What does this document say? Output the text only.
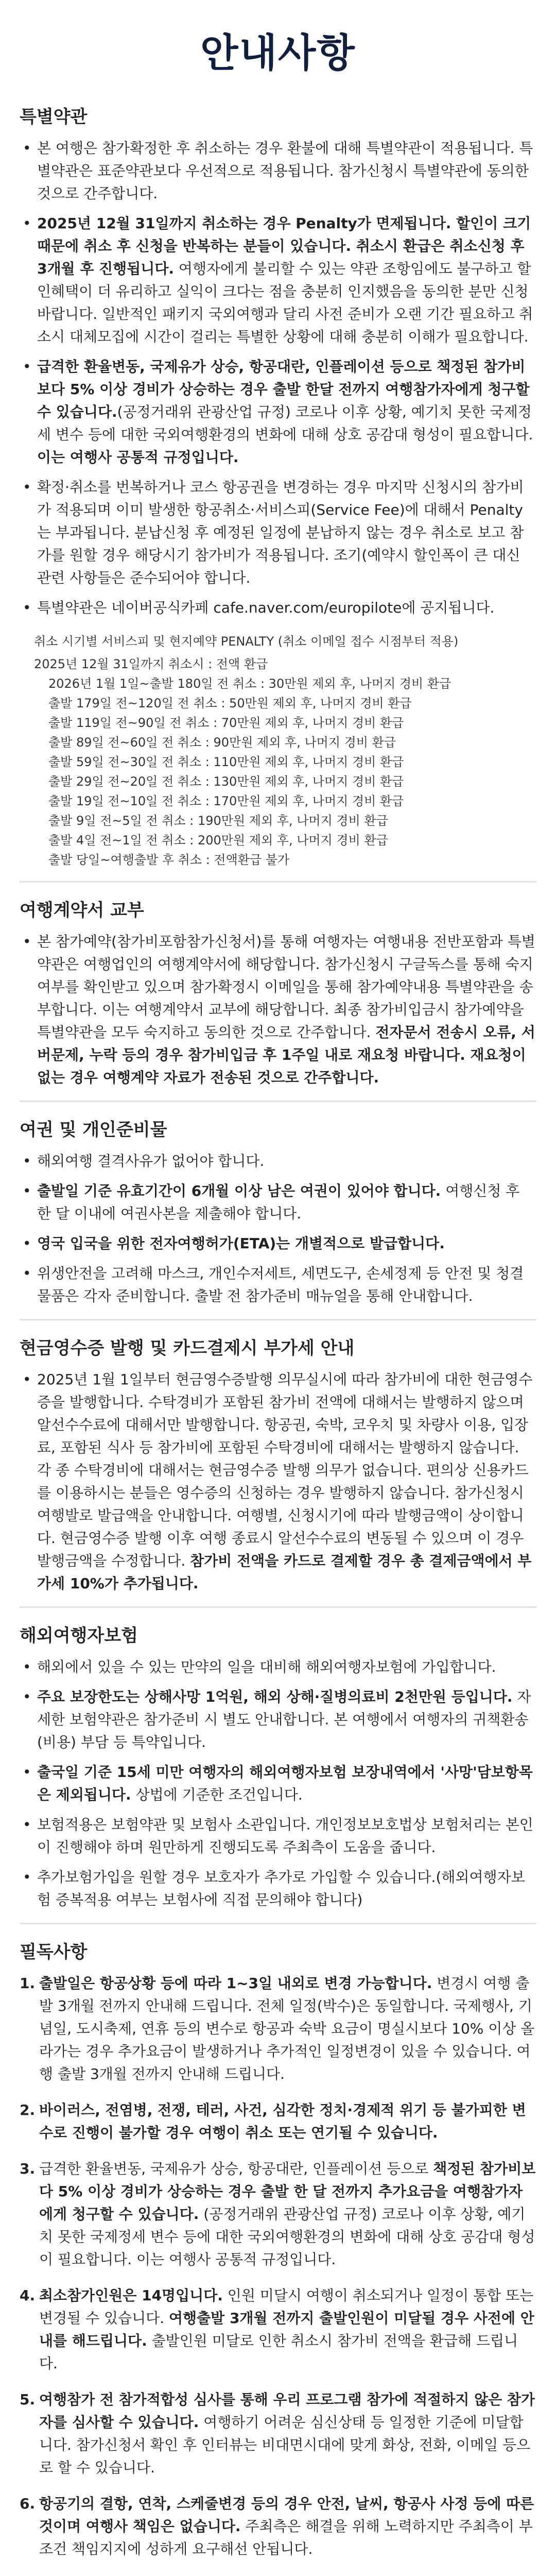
안내사항
특별약관
• 본 여행은 참가확정한 후 취소하는 경우 환불에 대해 특별약관이 적용됩니다. 특별약관은 표준약관보다 우선적으로 적용됩니다. 참가신청시 특별약관에 동의한 것으로 간주합니다.
• 2025년 12월 31일까지 취소하는 경우 Penalty가 면제됩니다. 할인이 크기 때문에 취소 후 신청을 반복하는 분들이 있습니다. 취소시 환급은 취소신청 후 3개월 후 진행됩니다. 여행자에게 불리할 수 있는 약관 조항임에도 불구하고 할인혜택이 더 유리하고 실익이 크다는 점을 충분히 인지했음을 동의한 분만 신청바랍니다. 일반적인 패키지 국외여행과 달리 사전 준비가 오랜 기간 필요하고 취소시 대체모집에 시간이 걸리는 특별한 상황에 대해 충분히 이해가 필요합니다.
• 급격한 환율변동, 국제유가 상승, 항공대란, 인플레이션 등으로 책정된 참가비보다 5% 이상 경비가 상승하는 경우 출발 한달 전까지 여행참가자에게 청구할 수 있습니다.(공정거래위 관광산업 규정) 코로나 이후 상황, 예기치 못한 국제정세 변수 등에 대한 국외여행환경의 변화에 대해 상호 공감대 형성이 필요합니다. 이는 여행사 공통적 규정입니다.
• 확정·취소를 번복하거나 코스 항공권을 변경하는 경우 마지막 신청시의 참가비가 적용되며 이미 발생한 항공취소·서비스피(Service Fee)에 대해서 Penalty는 부과됩니다. 분납신청 후 예정된 일정에 분납하지 않는 경우 취소로 보고 참가를 원할 경우 해당시기 참가비가 적용됩니다. 조기(예약시 할인폭이 큰 대신 관련 사항들은 준수되어야 합니다.
• 특별약관은 네이버공식카페 cafe.naver.com/europilote에 공지됩니다.
취소 시기별 서비스피 및 현지예약 PENALTY (취소 이메일 접수 시점부터 적용)
2025년 12월 31일까지 취소시 : 전액 환급
2026년 1월 1일~출발 180일 전 취소 : 30만원 제외 후, 나머지 경비 환급
출발 179일 전~120일 전 취소 : 50만원 제외 후, 나머지 경비 환급
출발 119일 전~90일 전 취소 : 70만원 제외 후, 나머지 경비 환급
출발 89일 전~60일 전 취소 : 90만원 제외 후, 나머지 경비 환급
출발 59일 전~30일 전 취소 : 110만원 제외 후, 나머지 경비 환급
출발 29일 전~20일 전 취소 : 130만원 제외 후, 나머지 경비 환급
출발 19일 전~10일 전 취소 : 170만원 제외 후, 나머지 경비 환급
출발 9일 전~5일 전 취소 : 190만원 제외 후, 나머지 경비 환급
출발 4일 전~1일 전 취소 : 200만원 제외 후, 나머지 경비 환급
출발 당일~여행출발 후 취소 : 전액환급 불가
여행계약서 교부
• 본 참가예약(참가비포함참가신청서)를 통해 여행자는 여행내용 전반포함과 특별약관은 여행업인의 여행계약서에 해당합니다. 참가신청시 구글독스를 통해 숙지여부를 확인받고 있으며 참가확정시 이메일을 통해 참가예약내용 특별약관을 송부합니다. 이는 여행계약서 교부에 해당합니다. 최종 참가비입금시 참가예약을 특별약관을 모두 숙지하고 동의한 것으로 간주합니다. 전자문서 전송시 오류, 서버문제, 누락 등의 경우 참가비입금 후 1주일 내로 재요청 바랍니다. 재요청이 없는 경우 여행계약 자료가 전송된 것으로 간주합니다.
여권 및 개인준비물
• 해외여행 결격사유가 없어야 합니다.
• 출발일 기준 유효기간이 6개월 이상 남은 여권이 있어야 합니다. 여행신청 후 한 달 이내에 여권사본을 제출해야 합니다.
• 영국 입국을 위한 전자여행허가(ETA)는 개별적으로 발급합니다.
• 위생안전을 고려해 마스크, 개인수저세트, 세면도구, 손세정제 등 안전 및 청결물품은 각자 준비합니다. 출발 전 참가준비 매뉴얼을 통해 안내합니다.
현금영수증 발행 및 카드결제시 부가세 안내
• 2025년 1월 1일부터 현금영수증발행 의무실시에 따라 참가비에 대한 현금영수증을 발행합니다. 수탁경비가 포함된 참가비 전액에 대해서는 발행하지 않으며 알선수수료에 대해서만 발행합니다. 항공권, 숙박, 코우치 및 차량사 이용, 입장료, 포함된 식사 등 참가비에 포함된 수탁경비에 대해서는 발행하지 않습니다. 각 종 수탁경비에 대해서는 현금영수증 발행 의무가 없습니다. 편의상 신용카드를 이용하시는 분들은 영수증의 신청하는 경우 발행하지 않습니다. 참가신청시 여행발로 발급액을 안내합니다. 여행별, 신청시기에 따라 발행금액이 상이합니다. 현금영수증 발행 이후 여행 종료시 알선수수료의 변동될 수 있으며 이 경우 발행금액을 수정합니다. 참가비 전액을 카드로 결제할 경우 총 결제금액에서 부가세 10%가 추가됩니다.
해외여행자보험
• 해외에서 있을 수 있는 만약의 일을 대비해 해외여행자보험에 가입합니다.
• 주요 보장한도는 상해사망 1억원, 해외 상해·질병의료비 2천만원 등입니다. 자세한 보험약관은 참가준비 시 별도 안내합니다. 본 여행에서 여행자의 귀책환송(비용) 부담 등 특약입니다.
• 출국일 기준 15세 미만 여행자의 해외여행자보험 보장내역에서 '사망'담보항목은 제외됩니다. 상법에 기준한 조건입니다.
• 보험적용은 보험약관 및 보험사 소관입니다. 개인정보보호법상 보험처리는 본인이 진행해야 하며 원만하게 진행되도록 주최측이 도움을 줍니다.
• 추가보험가입을 원할 경우 보호자가 추가로 가입할 수 있습니다.(해외여행자보험 증복적용 여부는 보험사에 직접 문의해야 합니다)
필독사항
1. 출발일은 항공상황 등에 따라 1~3일 내외로 변경 가능합니다. 변경시 여행 출발 3개월 전까지 안내해 드립니다. 전체 일정(박수)은 동일합니다. 국제행사, 기념일, 도시축제, 연휴 등의 변수로 항공과 숙박 요금이 명실시보다 10% 이상 올라가는 경우 추가요금이 발생하거나 추가적인 일정변경이 있을 수 있습니다. 여행 출발 3개월 전까지 안내해 드립니다.
2. 바이러스, 전염병, 전쟁, 테러, 사건, 심각한 정치·경제적 위기 등 불가피한 변수로 진행이 불가할 경우 여행이 취소 또는 연기될 수 있습니다.
3. 급격한 환율변동, 국제유가 상승, 항공대란, 인플레이션 등으로 책정된 참가비보다 5% 이상 경비가 상승하는 경우 출발 한 달 전까지 추가요금을 여행참가자에게 청구할 수 있습니다. (공정거래위 관광산업 규정) 코로나 이후 상황, 예기치 못한 국제정세 변수 등에 대한 국외여행환경의 변화에 대해 상호 공감대 형성이 필요합니다. 이는 여행사 공통적 규정입니다.
4. 최소참가인원은 14명입니다. 인원 미달시 여행이 취소되거나 일정이 통합 또는 변경될 수 있습니다. 여행출발 3개월 전까지 출발인원이 미달될 경우 사전에 안내를 해드립니다. 출발인원 미달로 인한 취소시 참가비 전액을 환급해 드립니다.
5. 여행참가 전 참가적합성 심사를 통해 우리 프로그램 참가에 적절하지 않은 참가자를 심사할 수 있습니다. 여행하기 어려운 심신상태 등 일정한 기준에 미달합니다. 참가신청서 확인 후 인터뷰는 비대면시대에 맞게 화상, 전화, 이메일 등으로 할 수 있습니다.
6. 항공기의 결항, 연착, 스케줄변경 등의 경우 안전, 날씨, 항공사 사정 등에 따른 것이며 여행사 책임은 없습니다. 주최측은 해결을 위해 노력하지만 주최측이 부 조건 책임지지에 성하게 요구해선 안됩니다.
